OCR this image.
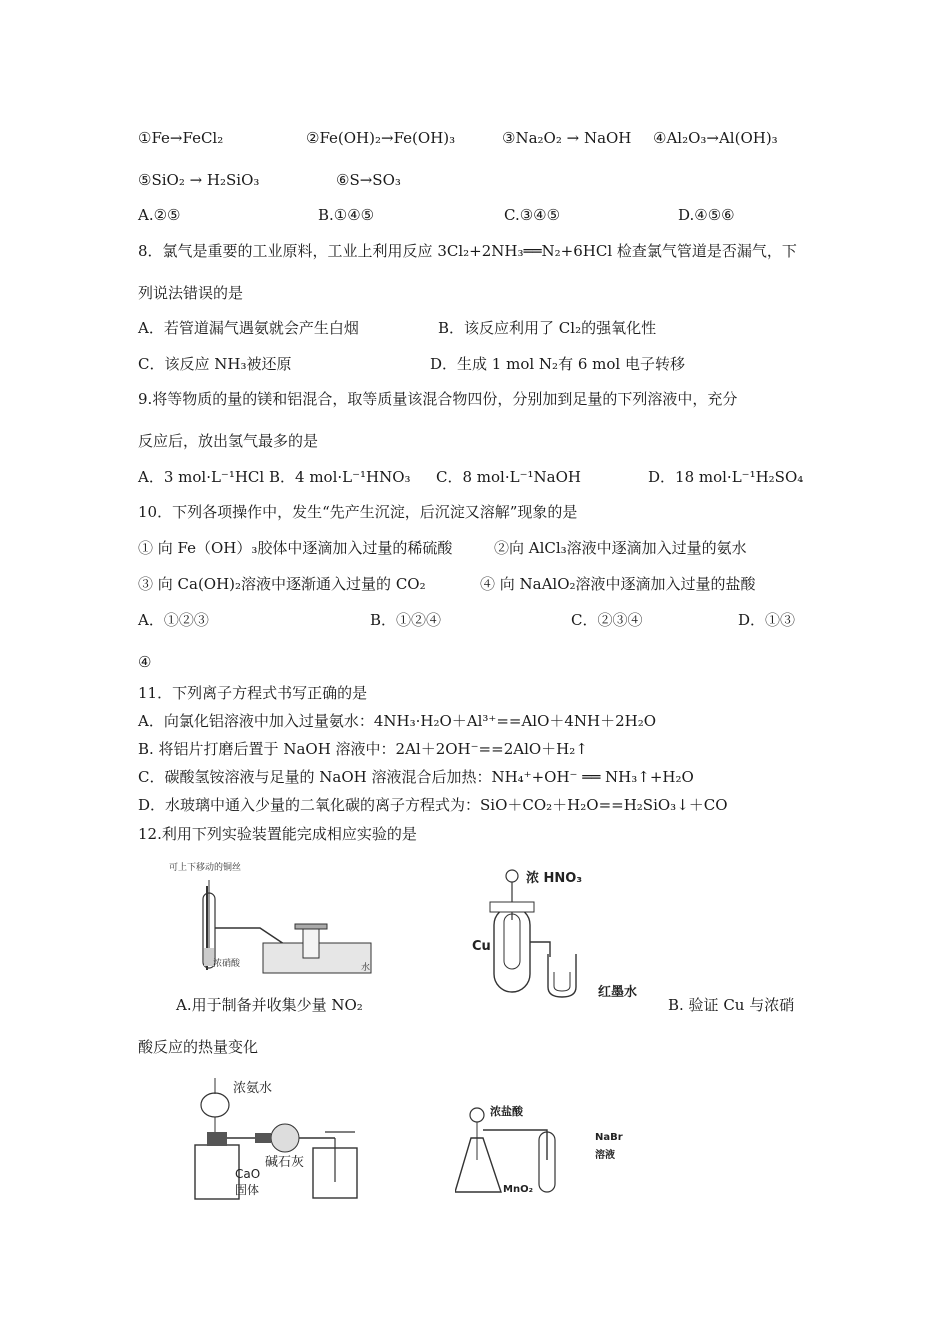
①Fe→FeCl₂	②Fe(OH)₂→Fe(OH)₃	③Na₂O₂ → NaOH ④Al₂O₃→Al(OH)₃
⑤SiO₂ → H₂SiO₃	⑥S→SO₃
A.②⑤	B.①④⑤	C.③④⑤	D.④⑤⑥
8．氯气是重要的工业原料，工业上利用反应 3Cl₂+2NH₃══N₂+6HCl 检查氯气管道是否漏气，下
列说法错误的是
A．若管道漏气遇氨就会产生白烟	B．该反应利用了 Cl₂的强氧化性
C．该反应 NH₃被还原	D．生成 1 mol N₂有 6 mol 电子转移
9.将等物质的量的镁和铝混合，取等质量该混合物四份，分别加到足量的下列溶液中，充分
反应后，放出氢气最多的是
A．3 mol·L⁻¹HCl B．4 mol·L⁻¹HNO₃ C．8 mol·L⁻¹NaOH	D．18 mol·L⁻¹H₂SO₄
10．下列各项操作中，发生“先产生沉淀，后沉淀又溶解”现象的是
① 向 Fe（OH）₃胶体中逐滴加入过量的稀硫酸	②向 AlCl₃溶液中逐滴加入过量的氨水
③ 向 Ca(OH)₂溶液中逐渐通入过量的 CO₂	④ 向 NaAlO₂溶液中逐滴加入过量的盐酸
A．①②③	B．①②④	C．②③④	D．①③
④
11．下列离子方程式书写正确的是
A．向氯化铝溶液中加入过量氨水：4NH₃·H₂O＋Al³⁺==AlO＋4NH＋2H₂O
B. 将铝片打磨后置于 NaOH 溶液中：2Al＋2OH⁻==2AlO＋H₂↑
C．碳酸氢铵溶液与足量的 NaOH 溶液混合后加热：NH₄⁺+OH⁻ ══ NH₃↑+H₂O
D．水玻璃中通入少量的二氧化碳的离子方程式为：SiO＋CO₂＋H₂O==H₂SiO₃↓＋CO
12.利用下列实验装置能完成相应实验的是
可上下移动的铜丝
浓硝酸	水
A.用于制备并收集少量 NO₂
浓 HNO₃
Cu
红墨水
B. 验证 Cu 与浓硝
酸反应的热量变化
浓氨水
CaO
固体
碱石灰
浓盐酸
MnO₂
NaBr
溶液
